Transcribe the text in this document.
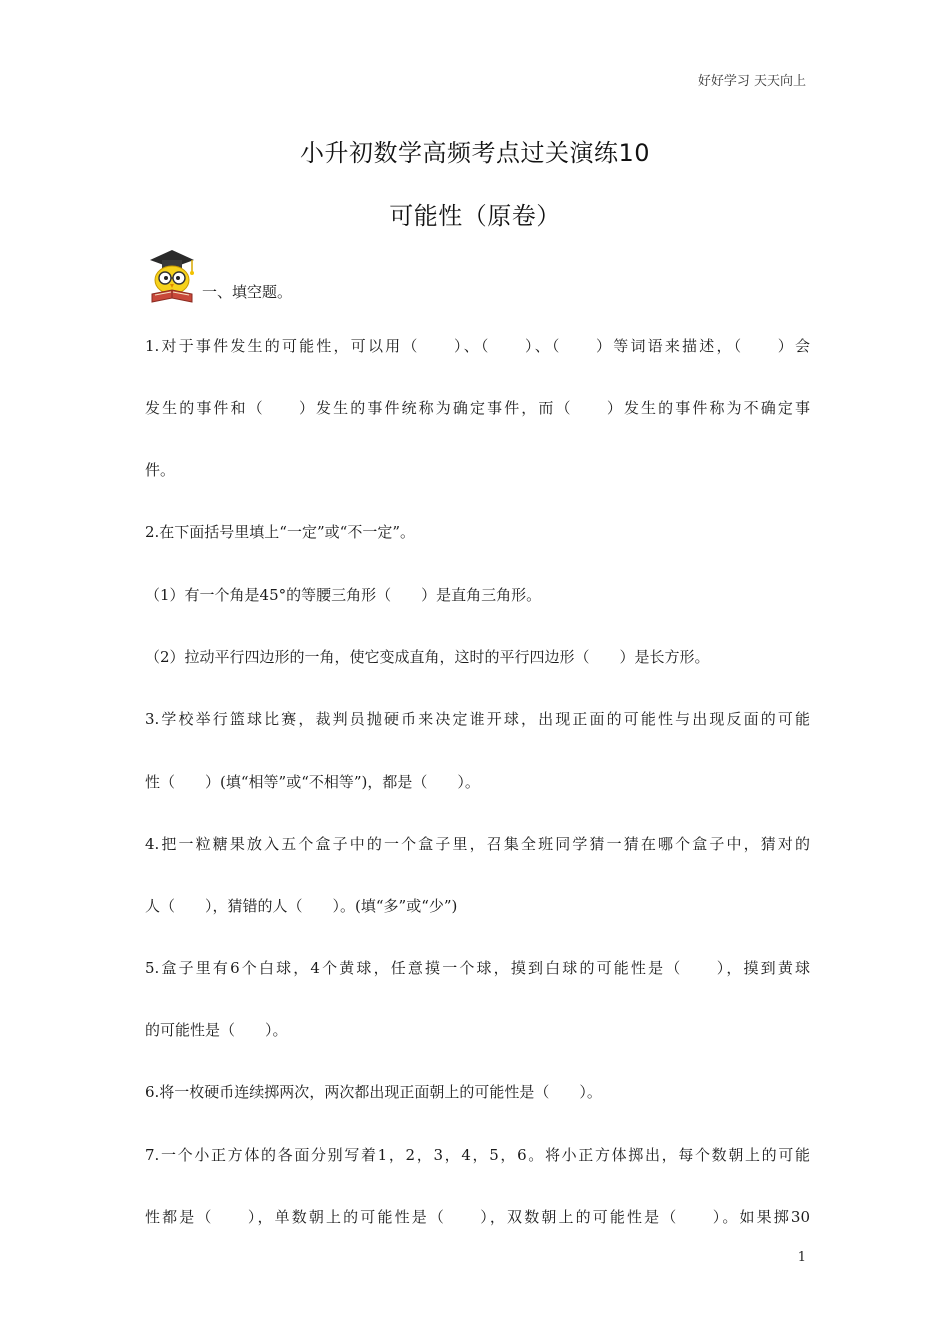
好好学习 天天向上
小升初数学高频考点过关演练10
可能性（原卷）
一、填空题。
1.对于事件发生的可能性，可以用（　　）、（　　）、（　　）等词语来描述，（　　）会
发生的事件和（　　）发生的事件统称为确定事件，而（　　）发生的事件称为不确定事
件。
2.在下面括号里填上“一定”或“不一定”。
（1）有一个角是45°的等腰三角形（　　）是直角三角形。
（2）拉动平行四边形的一角，使它变成直角，这时的平行四边形（　　）是长方形。
3.学校举行篮球比赛，裁判员抛硬币来决定谁开球，出现正面的可能性与出现反面的可能
性（　　）(填“相等”或“不相等”)，都是（　　）。
4.把一粒糖果放入五个盒子中的一个盒子里，召集全班同学猜一猜在哪个盒子中，猜对的
人（　　），猜错的人（　　）。(填“多”或“少”)
5.盒子里有6个白球，4个黄球，任意摸一个球，摸到白球的可能性是（　　），摸到黄球
的可能性是（　　）。
6.将一枚硬币连续掷两次，两次都出现正面朝上的可能性是（　　）。
7.一个小正方体的各面分别写着1，2，3，4，5，6。将小正方体掷出，每个数朝上的可能
性都是（　　），单数朝上的可能性是（　　），双数朝上的可能性是（　　）。如果掷30
1
